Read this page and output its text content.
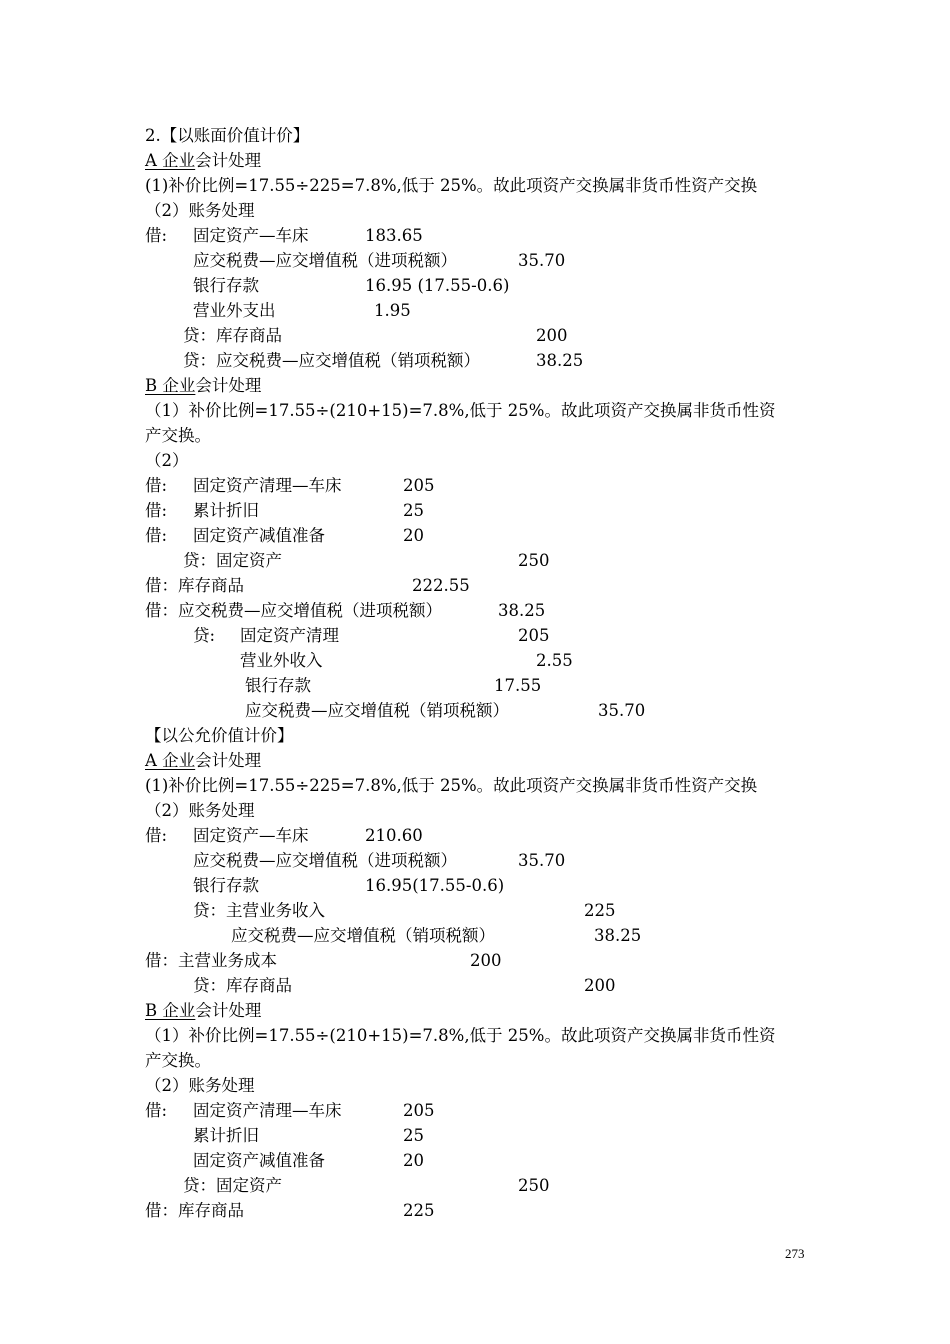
2.【以账面价值计价】
A 企业会计处理
(1)补价比例=17.55÷225=7.8%,低于 25%。故此项资产交换属非货币性资产交换
（2）账务处理
借: 固定资产—车床	183.65
应交税费—应交增值税（进项税额）	35.70
银行存款	16.95 (17.55-0.6)
营业外支出	1.95
贷：库存商品	200
贷：应交税费—应交增值税（销项税额）	38.25
B 企业会计处理
（1）补价比例=17.55÷(210+15)=7.8%,低于 25%。故此项资产交换属非货币性资
产交换。
（2）
借: 固定资产清理—车床	205
借: 累计折旧	25
借: 固定资产减值准备	20
贷：固定资产	250
借：库存商品	222.55
借：应交税费—应交增值税（进项税额）	38.25
贷: 固定资产清理	205
营业外收入	2.55
银行存款	17.55
应交税费—应交增值税（销项税额）	35.70
【以公允价值计价】
A 企业会计处理
(1)补价比例=17.55÷225=7.8%,低于 25%。故此项资产交换属非货币性资产交换
（2）账务处理
借: 固定资产—车床	210.60
应交税费—应交增值税（进项税额）	35.70
银行存款	16.95(17.55-0.6)
贷：主营业务收入	225
应交税费—应交增值税（销项税额）	38.25
借：主营业务成本	200
贷：库存商品	200
B 企业会计处理
（1）补价比例=17.55÷(210+15)=7.8%,低于 25%。故此项资产交换属非货币性资
产交换。
（2）账务处理
借: 固定资产清理—车床	205
累计折旧	25
固定资产减值准备	20
贷：固定资产	250
借：库存商品	225
273
